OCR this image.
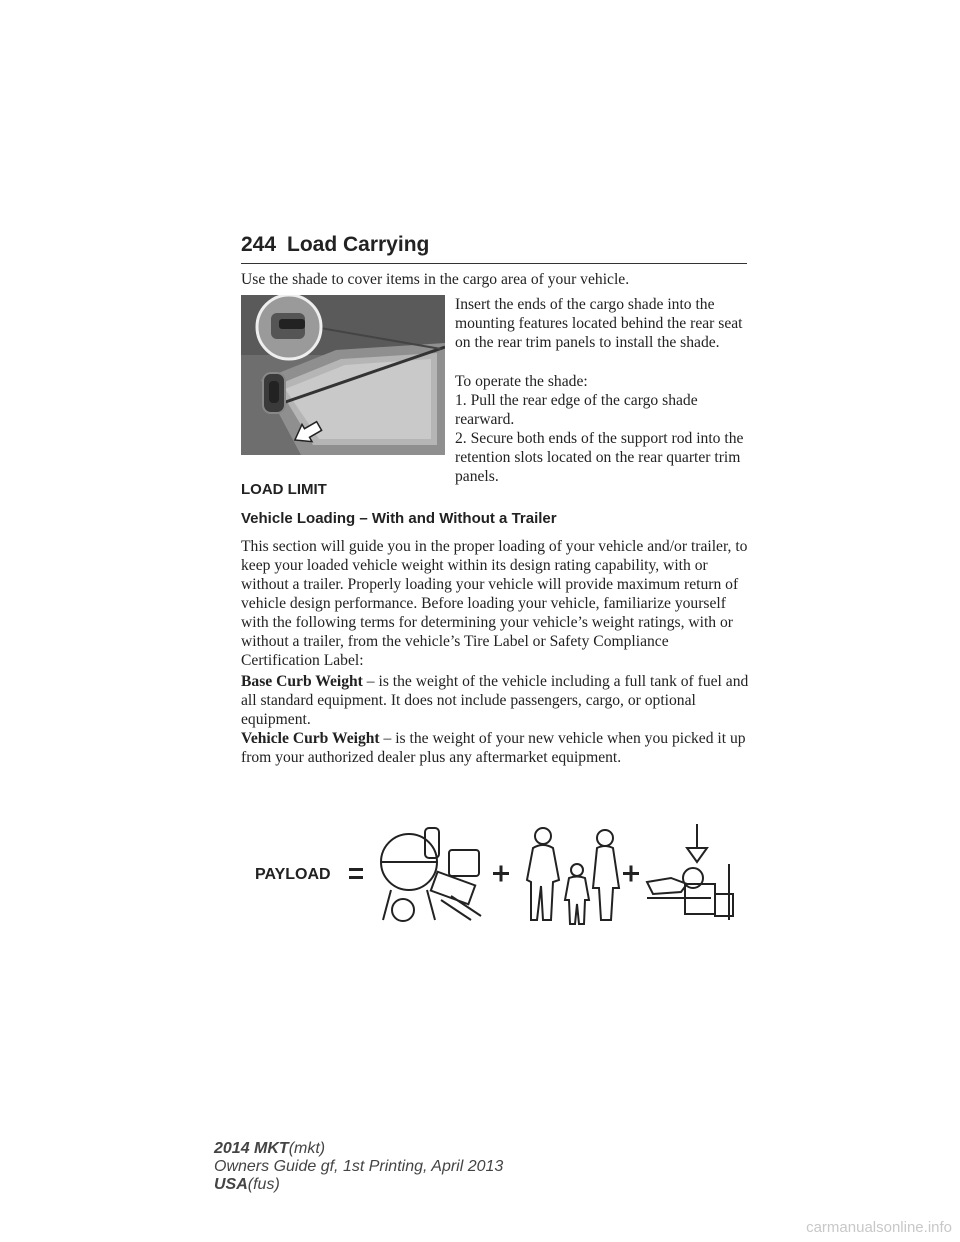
244 Load Carrying

Use the shade to cover items in the cargo area of your vehicle.

Insert the ends of the cargo shade into the mounting features located behind the rear seat on the rear trim panels to install the shade.

To operate the shade:

1. Pull the rear edge of the cargo shade rearward.

2. Secure both ends of the support rod into the retention slots located on the rear quarter trim panels.

LOAD LIMIT
Vehicle Loading – With and Without a Trailer

This section will guide you in the proper loading of your vehicle and/or trailer, to keep your loaded vehicle weight within its design rating capability, with or without a trailer. Properly loading your vehicle will provide maximum return of vehicle design performance. Before loading your vehicle, familiarize yourself with the following terms for determining your vehicle’s weight ratings, with or without a trailer, from the vehicle’s Tire Label or Safety Compliance Certification Label:

Base Curb Weight – is the weight of the vehicle including a full tank of fuel and all standard equipment. It does not include passengers, cargo, or optional equipment.

Vehicle Curb Weight – is the weight of your new vehicle when you picked it up from your authorized dealer plus any aftermarket equipment.

PAYLOAD
2014 MKT(mkt)
Owners Guide gf, 1st Printing, April 2013
USA(fus)
carmanualsonline.info
